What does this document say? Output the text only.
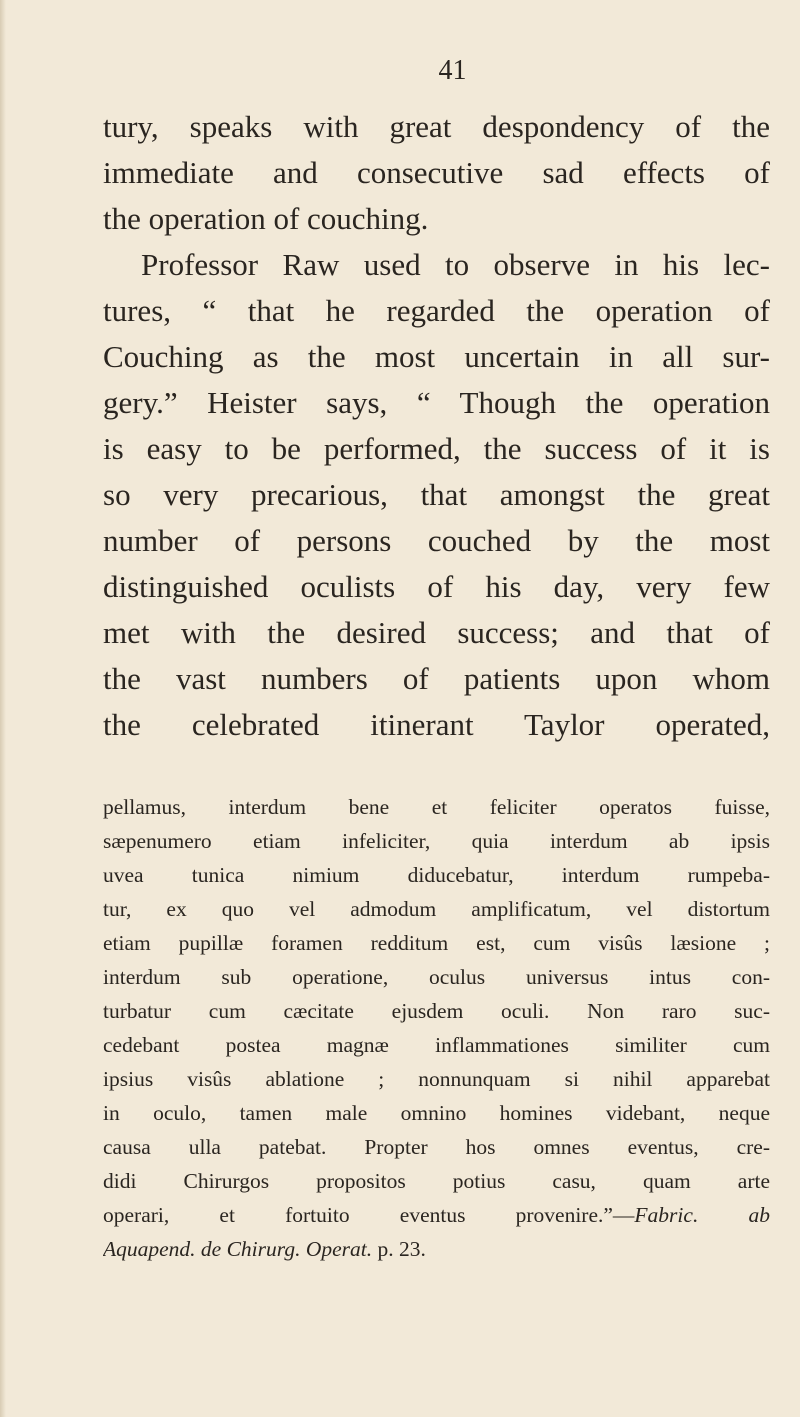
41
tury, speaks with great despondency of the
immediate and consecutive sad effects of
the operation of couching.
Professor Raw used to observe in his lec-
tures, “ that he regarded the operation of
Couching as the most uncertain in all sur-
gery.” Heister says, “ Though the operation
is easy to be performed, the success of it is
so very precarious, that amongst the great
number of persons couched by the most
distinguished oculists of his day, very few
met with the desired success; and that of
the vast numbers of patients upon whom
the celebrated itinerant Taylor operated,
pellamus, interdum bene et feliciter operatos fuisse,
sæpenumero etiam infeliciter, quia interdum ab ipsis
uvea tunica nimium diducebatur, interdum rumpeba-
tur, ex quo vel admodum amplificatum, vel distortum
etiam pupillæ foramen redditum est, cum visûs læsione ;
interdum sub operatione, oculus universus intus con-
turbatur cum cæcitate ejusdem oculi. Non raro suc-
cedebant postea magnæ inflammationes similiter cum
ipsius visûs ablatione ; nonnunquam si nihil apparebat
in oculo, tamen male omnino homines videbant, neque
causa ulla patebat. Propter hos omnes eventus, cre-
didi Chirurgos propositos potius casu, quam arte
operari, et fortuito eventus provenire.”—Fabric. ab
Aquapend. de Chirurg. Operat. p. 23.
